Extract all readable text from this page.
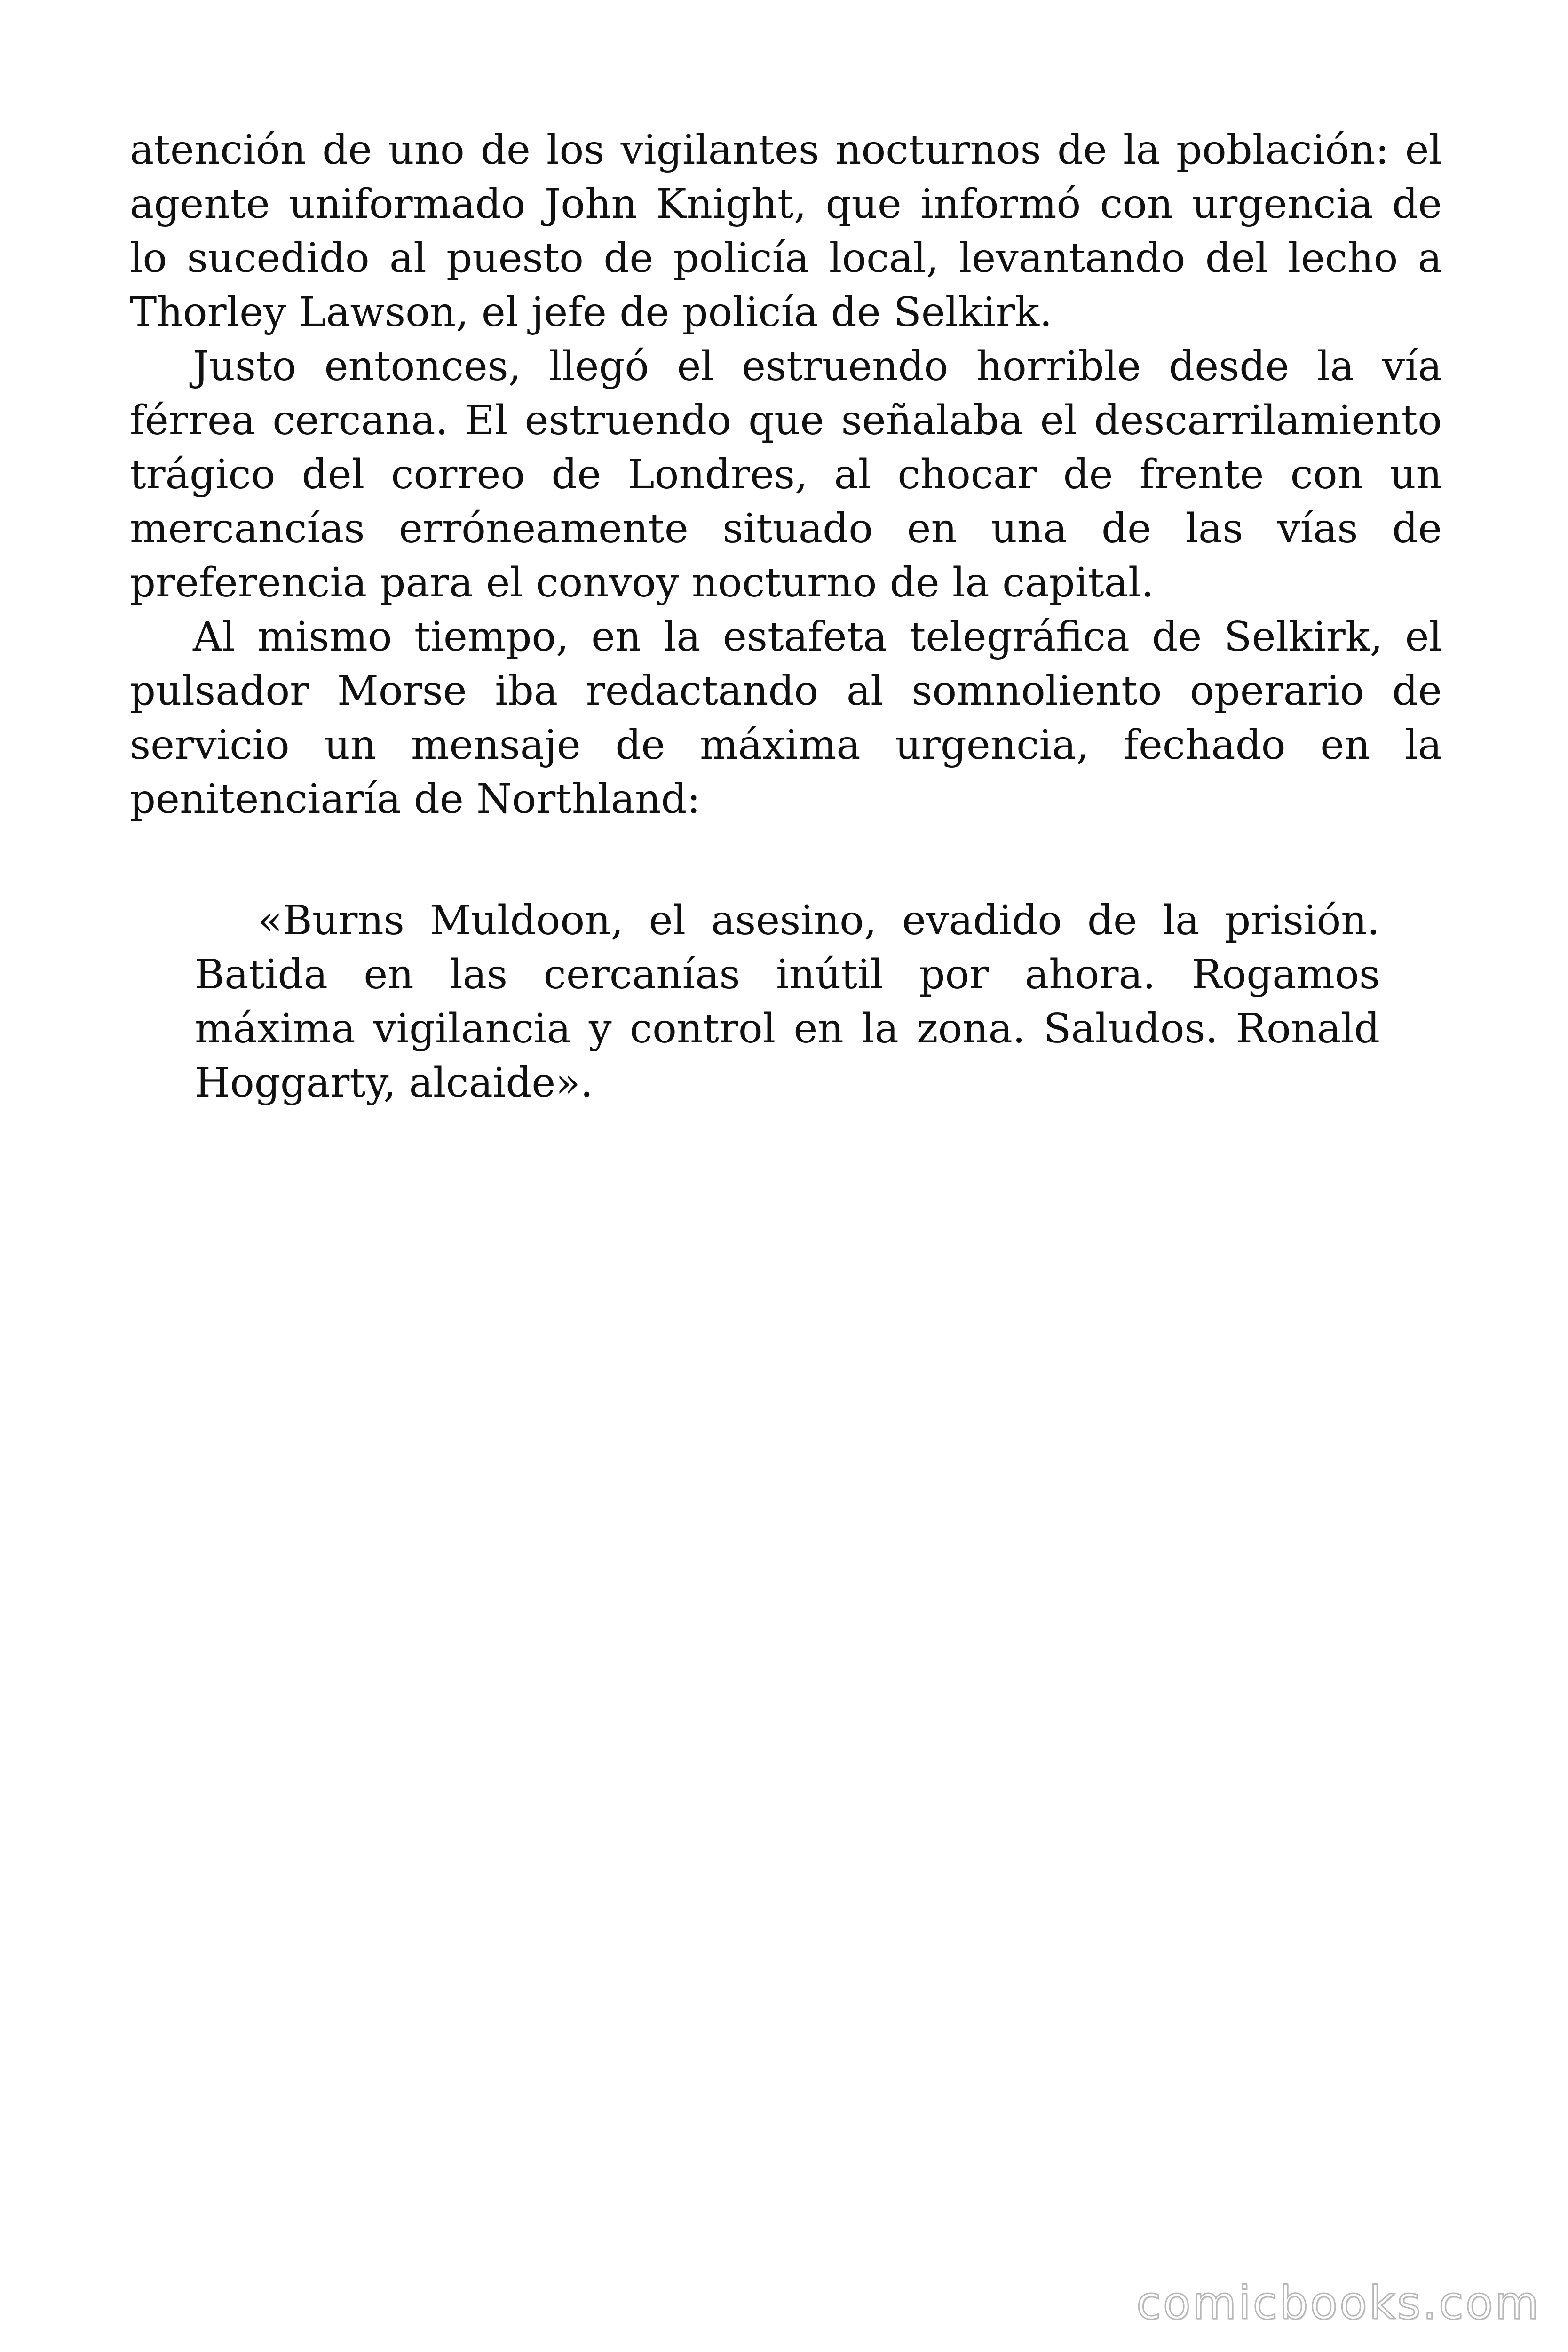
atención de uno de los vigilantes nocturnos de la población: el agente uniformado John Knight, que informó con urgencia de lo sucedido al puesto de policía local, levantando del lecho a Thorley Lawson, el jefe de policía de Selkirk.

Justo entonces, llegó el estruendo horrible desde la vía férrea cercana. El estruendo que señalaba el descarrilamiento trágico del correo de Londres, al chocar de frente con un mercancías erróneamente situado en una de las vías de preferencia para el convoy nocturno de la capital.

Al mismo tiempo, en la estafeta telegráfica de Selkirk, el pulsador Morse iba redactando al somnoliento operario de servicio un mensaje de máxima urgencia, fechado en la penitenciaría de Northland:

«Burns Muldoon, el asesino, evadido de la prisión. Batida en las cercanías inútil por ahora. Rogamos máxima vigilancia y control en la zona. Saludos. Ronald Hoggarty, alcaide».

comicbooks.com
